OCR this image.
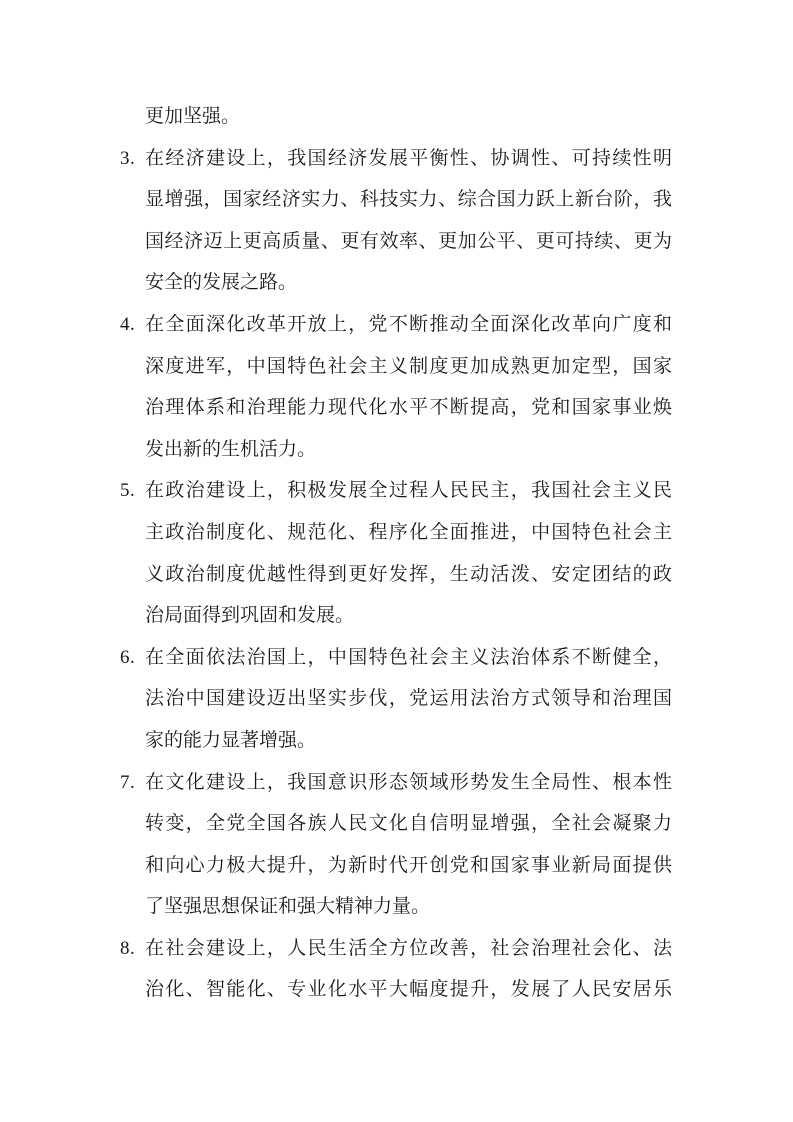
更加坚强。
3. 在经济建设上，我国经济发展平衡性、协调性、可持续性明
显增强，国家经济实力、科技实力、综合国力跃上新台阶，我
国经济迈上更高质量、更有效率、更加公平、更可持续、更为
安全的发展之路。
4. 在全面深化改革开放上，党不断推动全面深化改革向广度和
深度进军，中国特色社会主义制度更加成熟更加定型，国家
治理体系和治理能力现代化水平不断提高，党和国家事业焕
发出新的生机活力。
5. 在政治建设上，积极发展全过程人民民主，我国社会主义民
主政治制度化、规范化、程序化全面推进，中国特色社会主
义政治制度优越性得到更好发挥，生动活泼、安定团结的政
治局面得到巩固和发展。
6. 在全面依法治国上，中国特色社会主义法治体系不断健全，
法治中国建设迈出坚实步伐，党运用法治方式领导和治理国
家的能力显著增强。
7. 在文化建设上，我国意识形态领域形势发生全局性、根本性
转变，全党全国各族人民文化自信明显增强，全社会凝聚力
和向心力极大提升，为新时代开创党和国家事业新局面提供
了坚强思想保证和强大精神力量。
8. 在社会建设上，人民生活全方位改善，社会治理社会化、法
治化、智能化、专业化水平大幅度提升，发展了人民安居乐
